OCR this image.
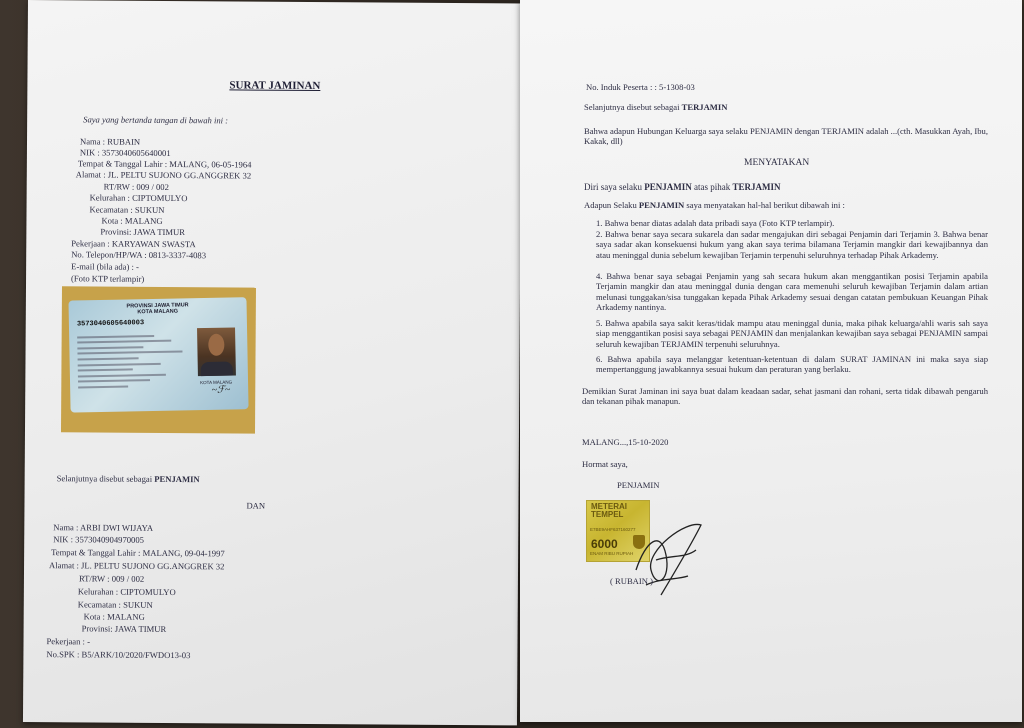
SURAT JAMINAN
Saya yang bertanda tangan di bawah ini :
Nama : RUBAIN
NIK : 3573040605640001
Tempat & Tanggal Lahir : MALANG, 06-05-1964
Alamat : JL. PELTU SUJONO GG.ANGGREK 32
RT/RW : 009 / 002
Kelurahan : CIPTOMULYO
Kecamatan : SUKUN
Kota : MALANG
Provinsi: JAWA TIMUR
Pekerjaan : KARYAWAN SWASTA
No. Telepon/HP/WA : 0813-3337-4083
E-mail (bila ada) : -
(Foto KTP terlampir)
PROVINSI JAWA TIMUR
KOTA MALANG
3573040605640003
KOTA MALANG
~ℱ~
Selanjutnya disebut sebagai PENJAMIN
DAN
Nama : ARBI DWI WIJAYA
NIK : 3573040904970005
Tempat & Tanggal Lahir : MALANG, 09-04-1997
Alamat : JL. PELTU SUJONO GG.ANGGREK 32
RT/RW : 009 / 002
Kelurahan : CIPTOMULYO
Kecamatan : SUKUN
Kota : MALANG
Provinsi: JAWA TIMUR
Pekerjaan : -
No.SPK : B5/ARK/10/2020/FWDO13-03
No. Induk Peserta : : 5-1308-03
Selanjutnya disebut sebagai TERJAMIN
Bahwa adapun Hubungan Keluarga saya selaku PENJAMIN dengan TERJAMIN adalah ...(cth. Masukkan Ayah, Ibu, Kakak, dll)
MENYATAKAN
Diri saya selaku PENJAMIN atas pihak TERJAMIN
Adapun Selaku PENJAMIN saya menyatakan hal-hal berikut dibawah ini :
1. Bahwa benar diatas adalah data pribadi saya (Foto KTP terlampir).
2. Bahwa benar saya secara sukarela dan sadar mengajukan diri sebagai Penjamin dari Terjamin 3. Bahwa benar saya sadar akan konsekuensi hukum yang akan saya terima bilamana Terjamin mangkir dari kewajibannya dan atau meninggal dunia sebelum kewajiban Terjamin terpenuhi seluruhnya terhadap Pihak Arkademy.
4. Bahwa benar saya sebagai Penjamin yang sah secara hukum akan menggantikan posisi Terjamin apabila Terjamin mangkir dan atau meninggal dunia dengan cara memenuhi seluruh kewajiban Terjamin dalam artian melunasi tunggakan/sisa tunggakan kepada Pihak Arkademy sesuai dengan catatan pembukuan Keuangan Pihak Arkademy nantinya.
5. Bahwa apabila saya sakit keras/tidak mampu atau meninggal dunia, maka pihak keluarga/ahli waris sah saya siap menggantikan posisi saya sebagai PENJAMIN dan menjalankan kewajiban saya sebagai PENJAMIN sampai seluruh kewajiban TERJAMIN terpenuhi seluruhnya.
6. Bahwa apabila saya melanggar ketentuan-ketentuan di dalam SURAT JAMINAN ini maka saya siap mempertanggung jawabkannya sesuai hukum dan peraturan yang berlaku.
Demikian Surat Jaminan ini saya buat dalam keadaan sadar, sehat jasmani dan rohani, serta tidak dibawah pengaruh dan tekanan pihak manapun.
MALANG...,15-10-2020
Hormat saya,
PENJAMIN
METERAI
TEMPEL
E7BE9AHF637160277
6000
ENAM RIBU RUPIAH
( RUBAIN )
